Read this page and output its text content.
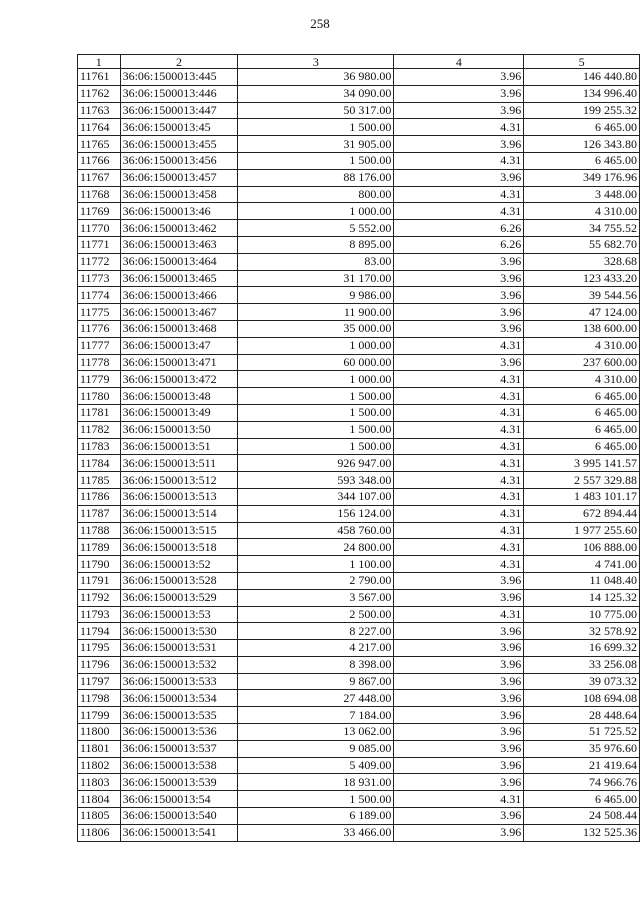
258
1	2	3	4	5
11761	36:06:1500013:445	36 980.00	3.96	146 440.80
11762	36:06:1500013:446	34 090.00	3.96	134 996.40
11763	36:06:1500013:447	50 317.00	3.96	199 255.32
11764	36:06:1500013:45	1 500.00	4.31	6 465.00
11765	36:06:1500013:455	31 905.00	3.96	126 343.80
11766	36:06:1500013:456	1 500.00	4.31	6 465.00
11767	36:06:1500013:457	88 176.00	3.96	349 176.96
11768	36:06:1500013:458	800.00	4.31	3 448.00
11769	36:06:1500013:46	1 000.00	4.31	4 310.00
11770	36:06:1500013:462	5 552.00	6.26	34 755.52
11771	36:06:1500013:463	8 895.00	6.26	55 682.70
11772	36:06:1500013:464	83.00	3.96	328.68
11773	36:06:1500013:465	31 170.00	3.96	123 433.20
11774	36:06:1500013:466	9 986.00	3.96	39 544.56
11775	36:06:1500013:467	11 900.00	3.96	47 124.00
11776	36:06:1500013:468	35 000.00	3.96	138 600.00
11777	36:06:1500013:47	1 000.00	4.31	4 310.00
11778	36:06:1500013:471	60 000.00	3.96	237 600.00
11779	36:06:1500013:472	1 000.00	4.31	4 310.00
11780	36:06:1500013:48	1 500.00	4.31	6 465.00
11781	36:06:1500013:49	1 500.00	4.31	6 465.00
11782	36:06:1500013:50	1 500.00	4.31	6 465.00
11783	36:06:1500013:51	1 500.00	4.31	6 465.00
11784	36:06:1500013:511	926 947.00	4.31	3 995 141.57
11785	36:06:1500013:512	593 348.00	4.31	2 557 329.88
11786	36:06:1500013:513	344 107.00	4.31	1 483 101.17
11787	36:06:1500013:514	156 124.00	4.31	672 894.44
11788	36:06:1500013:515	458 760.00	4.31	1 977 255.60
11789	36:06:1500013:518	24 800.00	4.31	106 888.00
11790	36:06:1500013:52	1 100.00	4.31	4 741.00
11791	36:06:1500013:528	2 790.00	3.96	11 048.40
11792	36:06:1500013:529	3 567.00	3.96	14 125.32
11793	36:06:1500013:53	2 500.00	4.31	10 775.00
11794	36:06:1500013:530	8 227.00	3.96	32 578.92
11795	36:06:1500013:531	4 217.00	3.96	16 699.32
11796	36:06:1500013:532	8 398.00	3.96	33 256.08
11797	36:06:1500013:533	9 867.00	3.96	39 073.32
11798	36:06:1500013:534	27 448.00	3.96	108 694.08
11799	36:06:1500013:535	7 184.00	3.96	28 448.64
11800	36:06:1500013:536	13 062.00	3.96	51 725.52
11801	36:06:1500013:537	9 085.00	3.96	35 976.60
11802	36:06:1500013:538	5 409.00	3.96	21 419.64
11803	36:06:1500013:539	18 931.00	3.96	74 966.76
11804	36:06:1500013:54	1 500.00	4.31	6 465.00
11805	36:06:1500013:540	6 189.00	3.96	24 508.44
11806	36:06:1500013:541	33 466.00	3.96	132 525.36
